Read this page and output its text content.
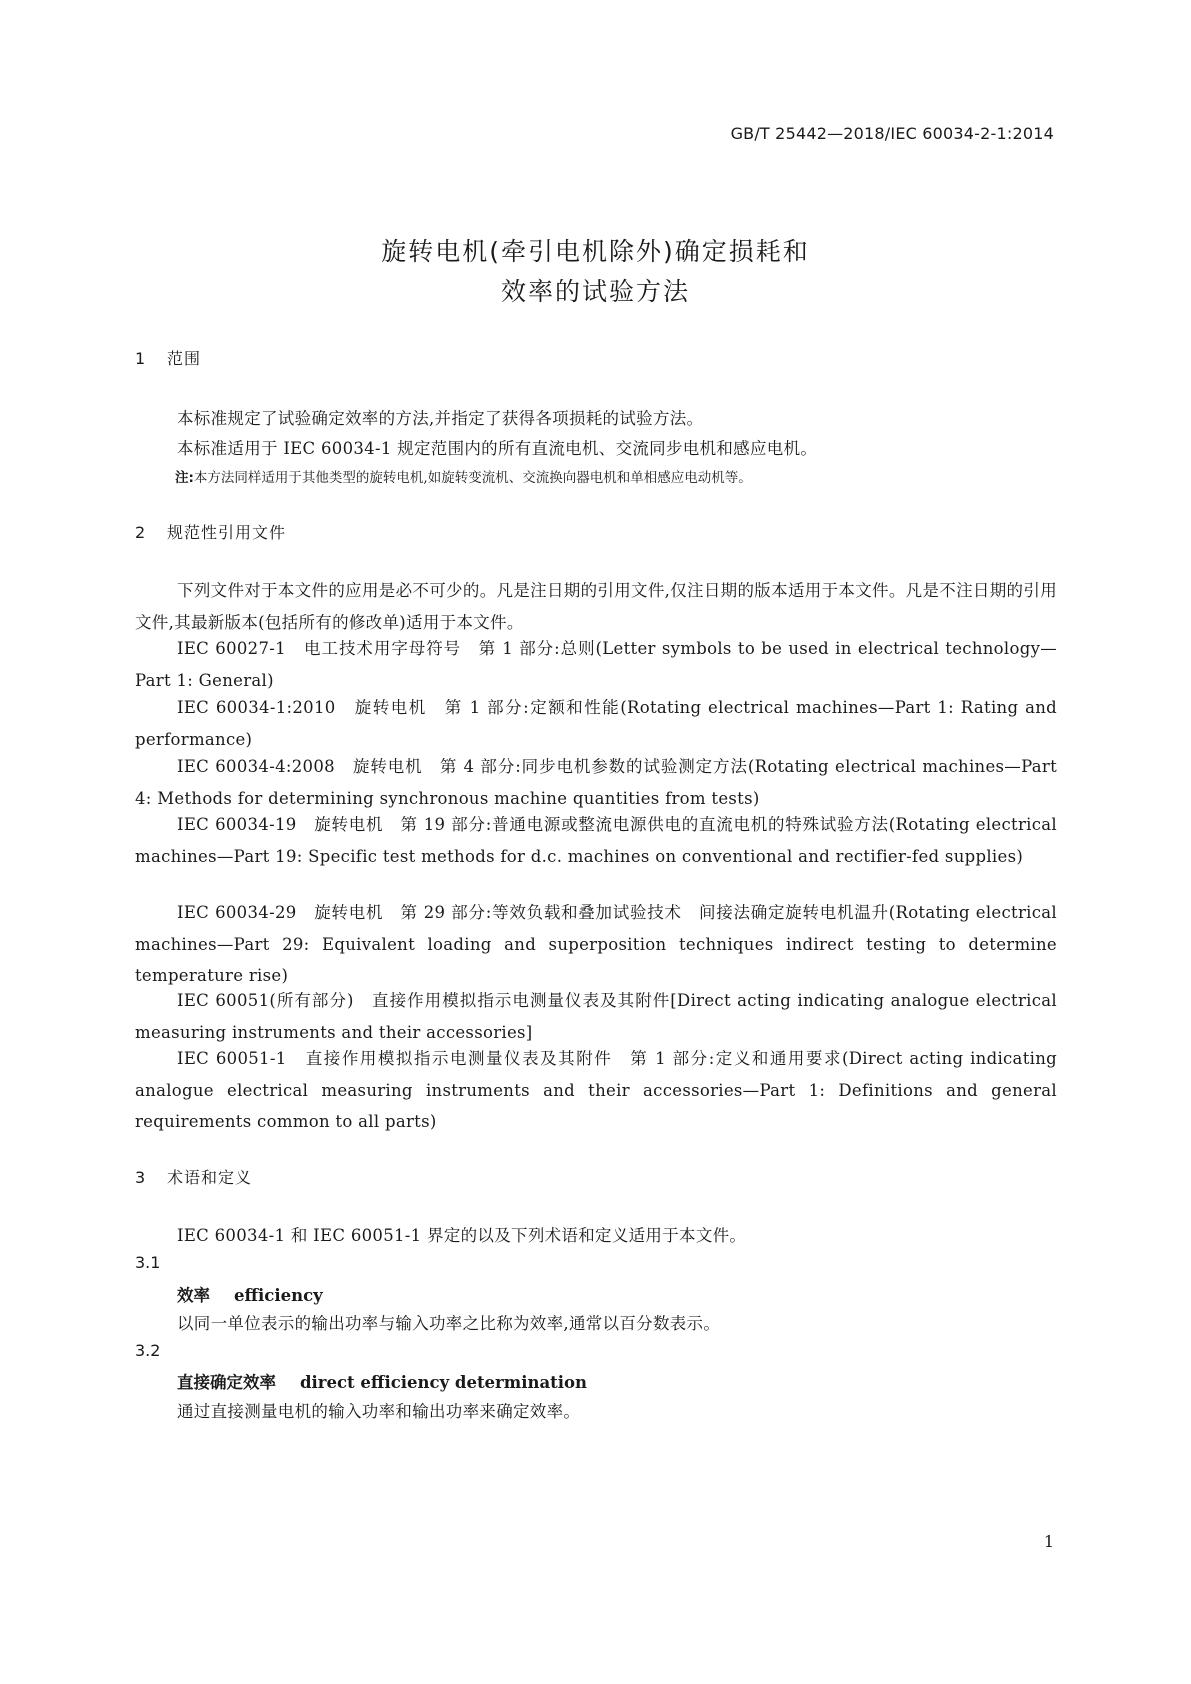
GB/T 25442—2018/IEC 60034-2-1:2014
旋转电机(牵引电机除外)确定损耗和
效率的试验方法
1 范围
本标准规定了试验确定效率的方法,并指定了获得各项损耗的试验方法。
本标准适用于 IEC 60034-1 规定范围内的所有直流电机、交流同步电机和感应电机。
注:本方法同样适用于其他类型的旋转电机,如旋转变流机、交流换向器电机和单相感应电动机等。
2 规范性引用文件

下列文件对于本文件的应用是必不可少的。凡是注日期的引用文件,仅注日期的版本适用于本文件。凡是不注日期的引用文件,其最新版本(包括所有的修改单)适用于本文件。

IEC 60027-1　电工技术用字母符号　第 1 部分:总则(Letter symbols to be used in electrical technology—Part 1: General)

IEC 60034-1:2010　旋转电机　第 1 部分:定额和性能(Rotating electrical machines—Part 1: Rating and performance)

IEC 60034-4:2008　旋转电机　第 4 部分:同步电机参数的试验测定方法(Rotating electrical machines—Part 4: Methods for determining synchronous machine quantities from tests)

IEC 60034-19　旋转电机　第 19 部分:普通电源或整流电源供电的直流电机的特殊试验方法(Rotating electrical machines—Part 19: Specific test methods for d.c. machines on conventional and rectifier-fed supplies)

IEC 60034-29　旋转电机　第 29 部分:等效负载和叠加试验技术　间接法确定旋转电机温升(Rotating electrical machines—Part 29: Equivalent loading and superposition techniques indirect testing to determine temperature rise)

IEC 60051(所有部分)　直接作用模拟指示电测量仪表及其附件[Direct acting indicating analogue electrical measuring instruments and their accessories]

IEC 60051-1　直接作用模拟指示电测量仪表及其附件　第 1 部分:定义和通用要求(Direct acting indicating analogue electrical measuring instruments and their accessories—Part 1: Definitions and general requirements common to all parts)

3 术语和定义
IEC 60034-1 和 IEC 60051-1 界定的以及下列术语和定义适用于本文件。
3.1
效率 efficiency
以同一单位表示的输出功率与输入功率之比称为效率,通常以百分数表示。
3.2
直接确定效率 direct efficiency determination
通过直接测量电机的输入功率和输出功率来确定效率。
1
